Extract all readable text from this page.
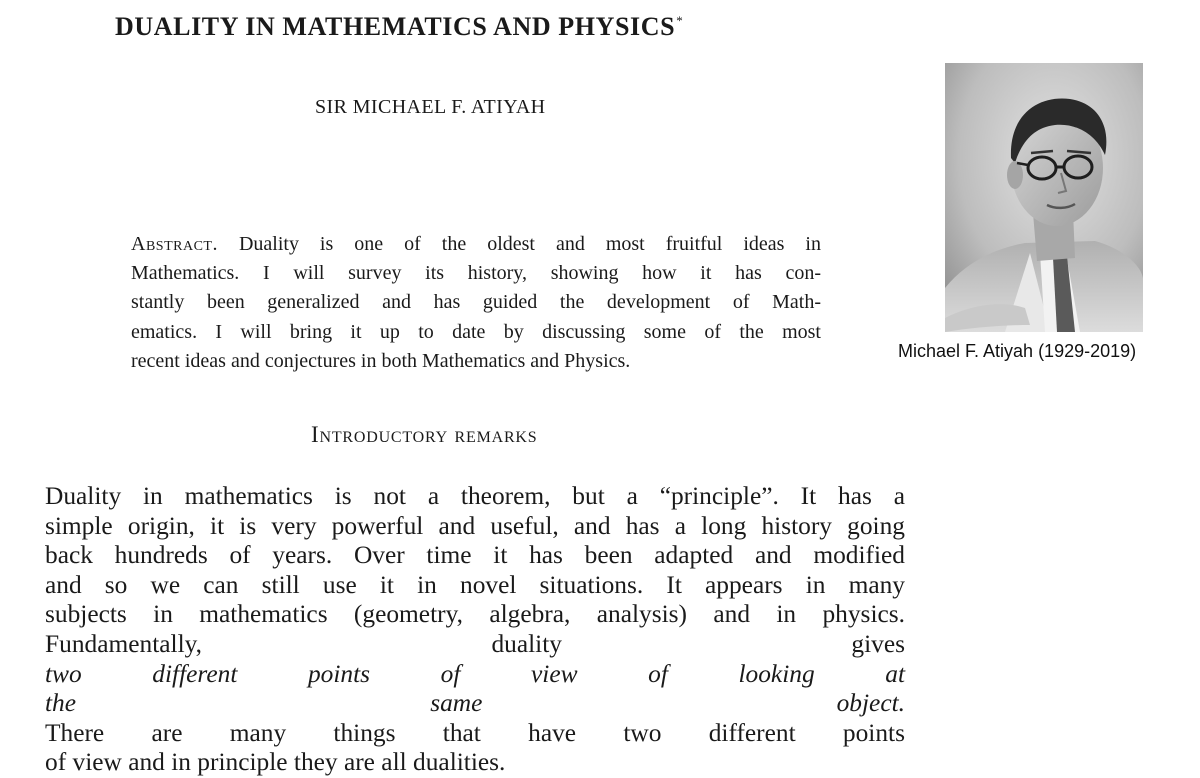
DUALITY IN MATHEMATICS AND PHYSICS*
SIR MICHAEL F. ATIYAH
Abstract. Duality is one of the oldest and most fruitful ideas in
Mathematics. I will survey its history, showing how it has con-
stantly been generalized and has guided the development of Math-
ematics. I will bring it up to date by discussing some of the most
recent ideas and conjectures in both Mathematics and Physics.
Introductory remarks
Duality in mathematics is not a theorem, but a “principle”. It has a
simple origin, it is very powerful and useful, and has a long history going
back hundreds of years. Over time it has been adapted and modified
and so we can still use it in novel situations. It appears in many
subjects in mathematics (geometry, algebra, analysis) and in physics.
Fundamentally, duality gives
two different points of view of looking at
the same object.
There are many things that have two different points
of view and in principle they are all dualities.
Michael F. Atiyah (1929-2019)
